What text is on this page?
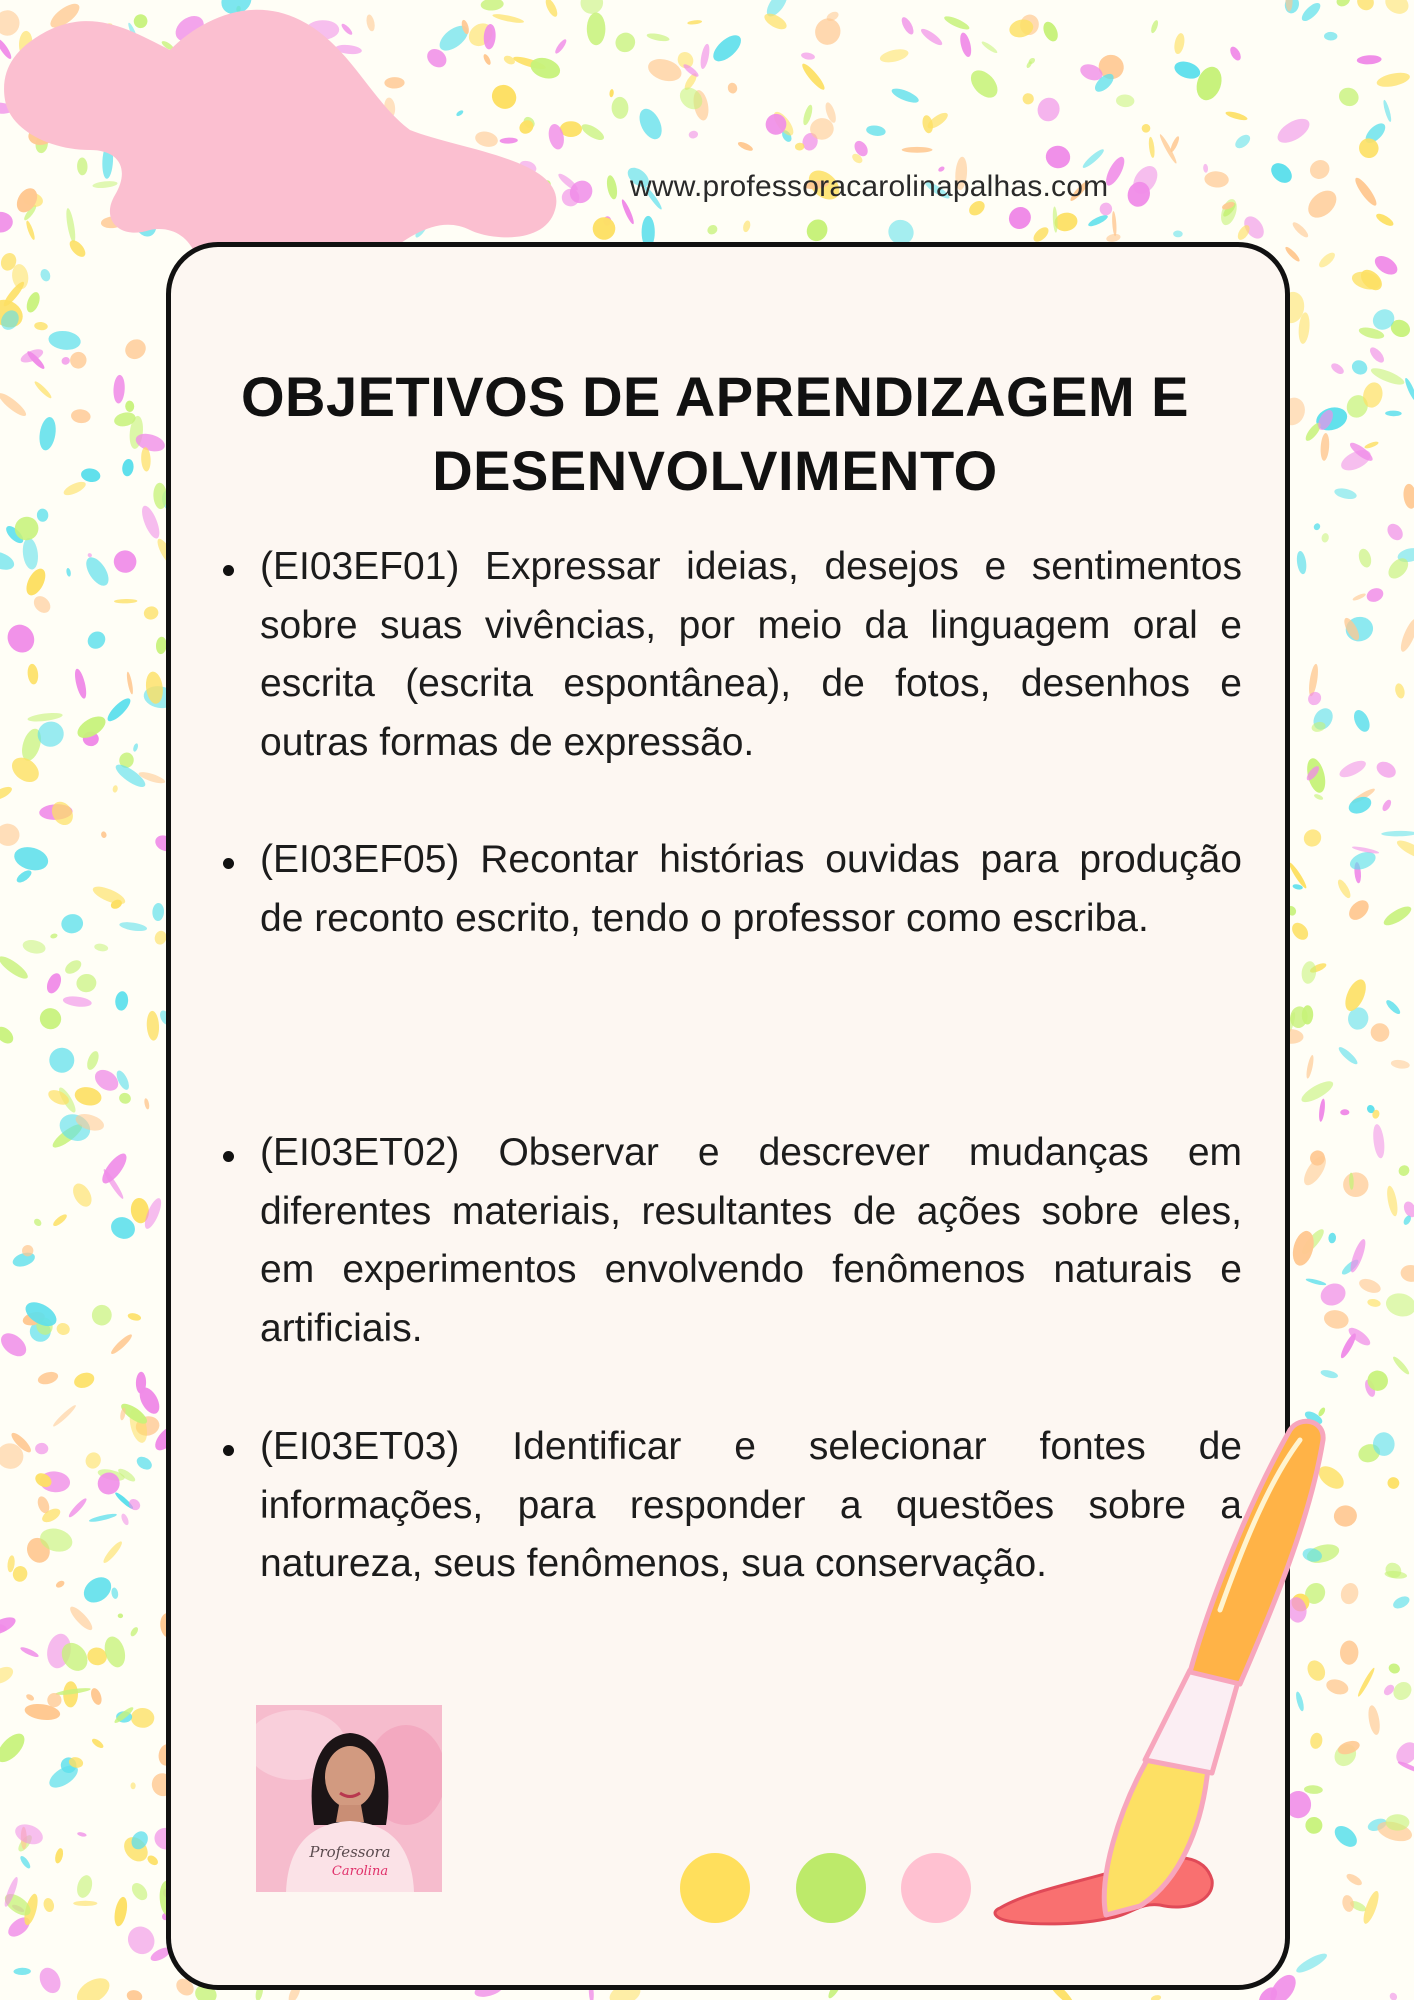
www.professoracarolinapalhas.com
OBJETIVOS DE APRENDIZAGEM E DESENVOLVIMENTO

(EI03EF01) Expressar ideias, desejos e sentimentos sobre suas vivências, por meio da linguagem oral e escrita (escrita espontânea), de fotos, desenhos e outras formas de expressão.

(EI03EF05) Recontar histórias ouvidas para produção de reconto escrito, tendo o professor como escriba.

(EI03ET02) Observar e descrever mudanças em diferentes materiais, resultantes de ações sobre eles, em experimentos envolvendo fenômenos naturais e artificiais.

(EI03ET03) Identificar e selecionar fontes de informações, para responder a questões sobre a natureza, seus fenômenos, sua conservação.

Professora
Carolina
